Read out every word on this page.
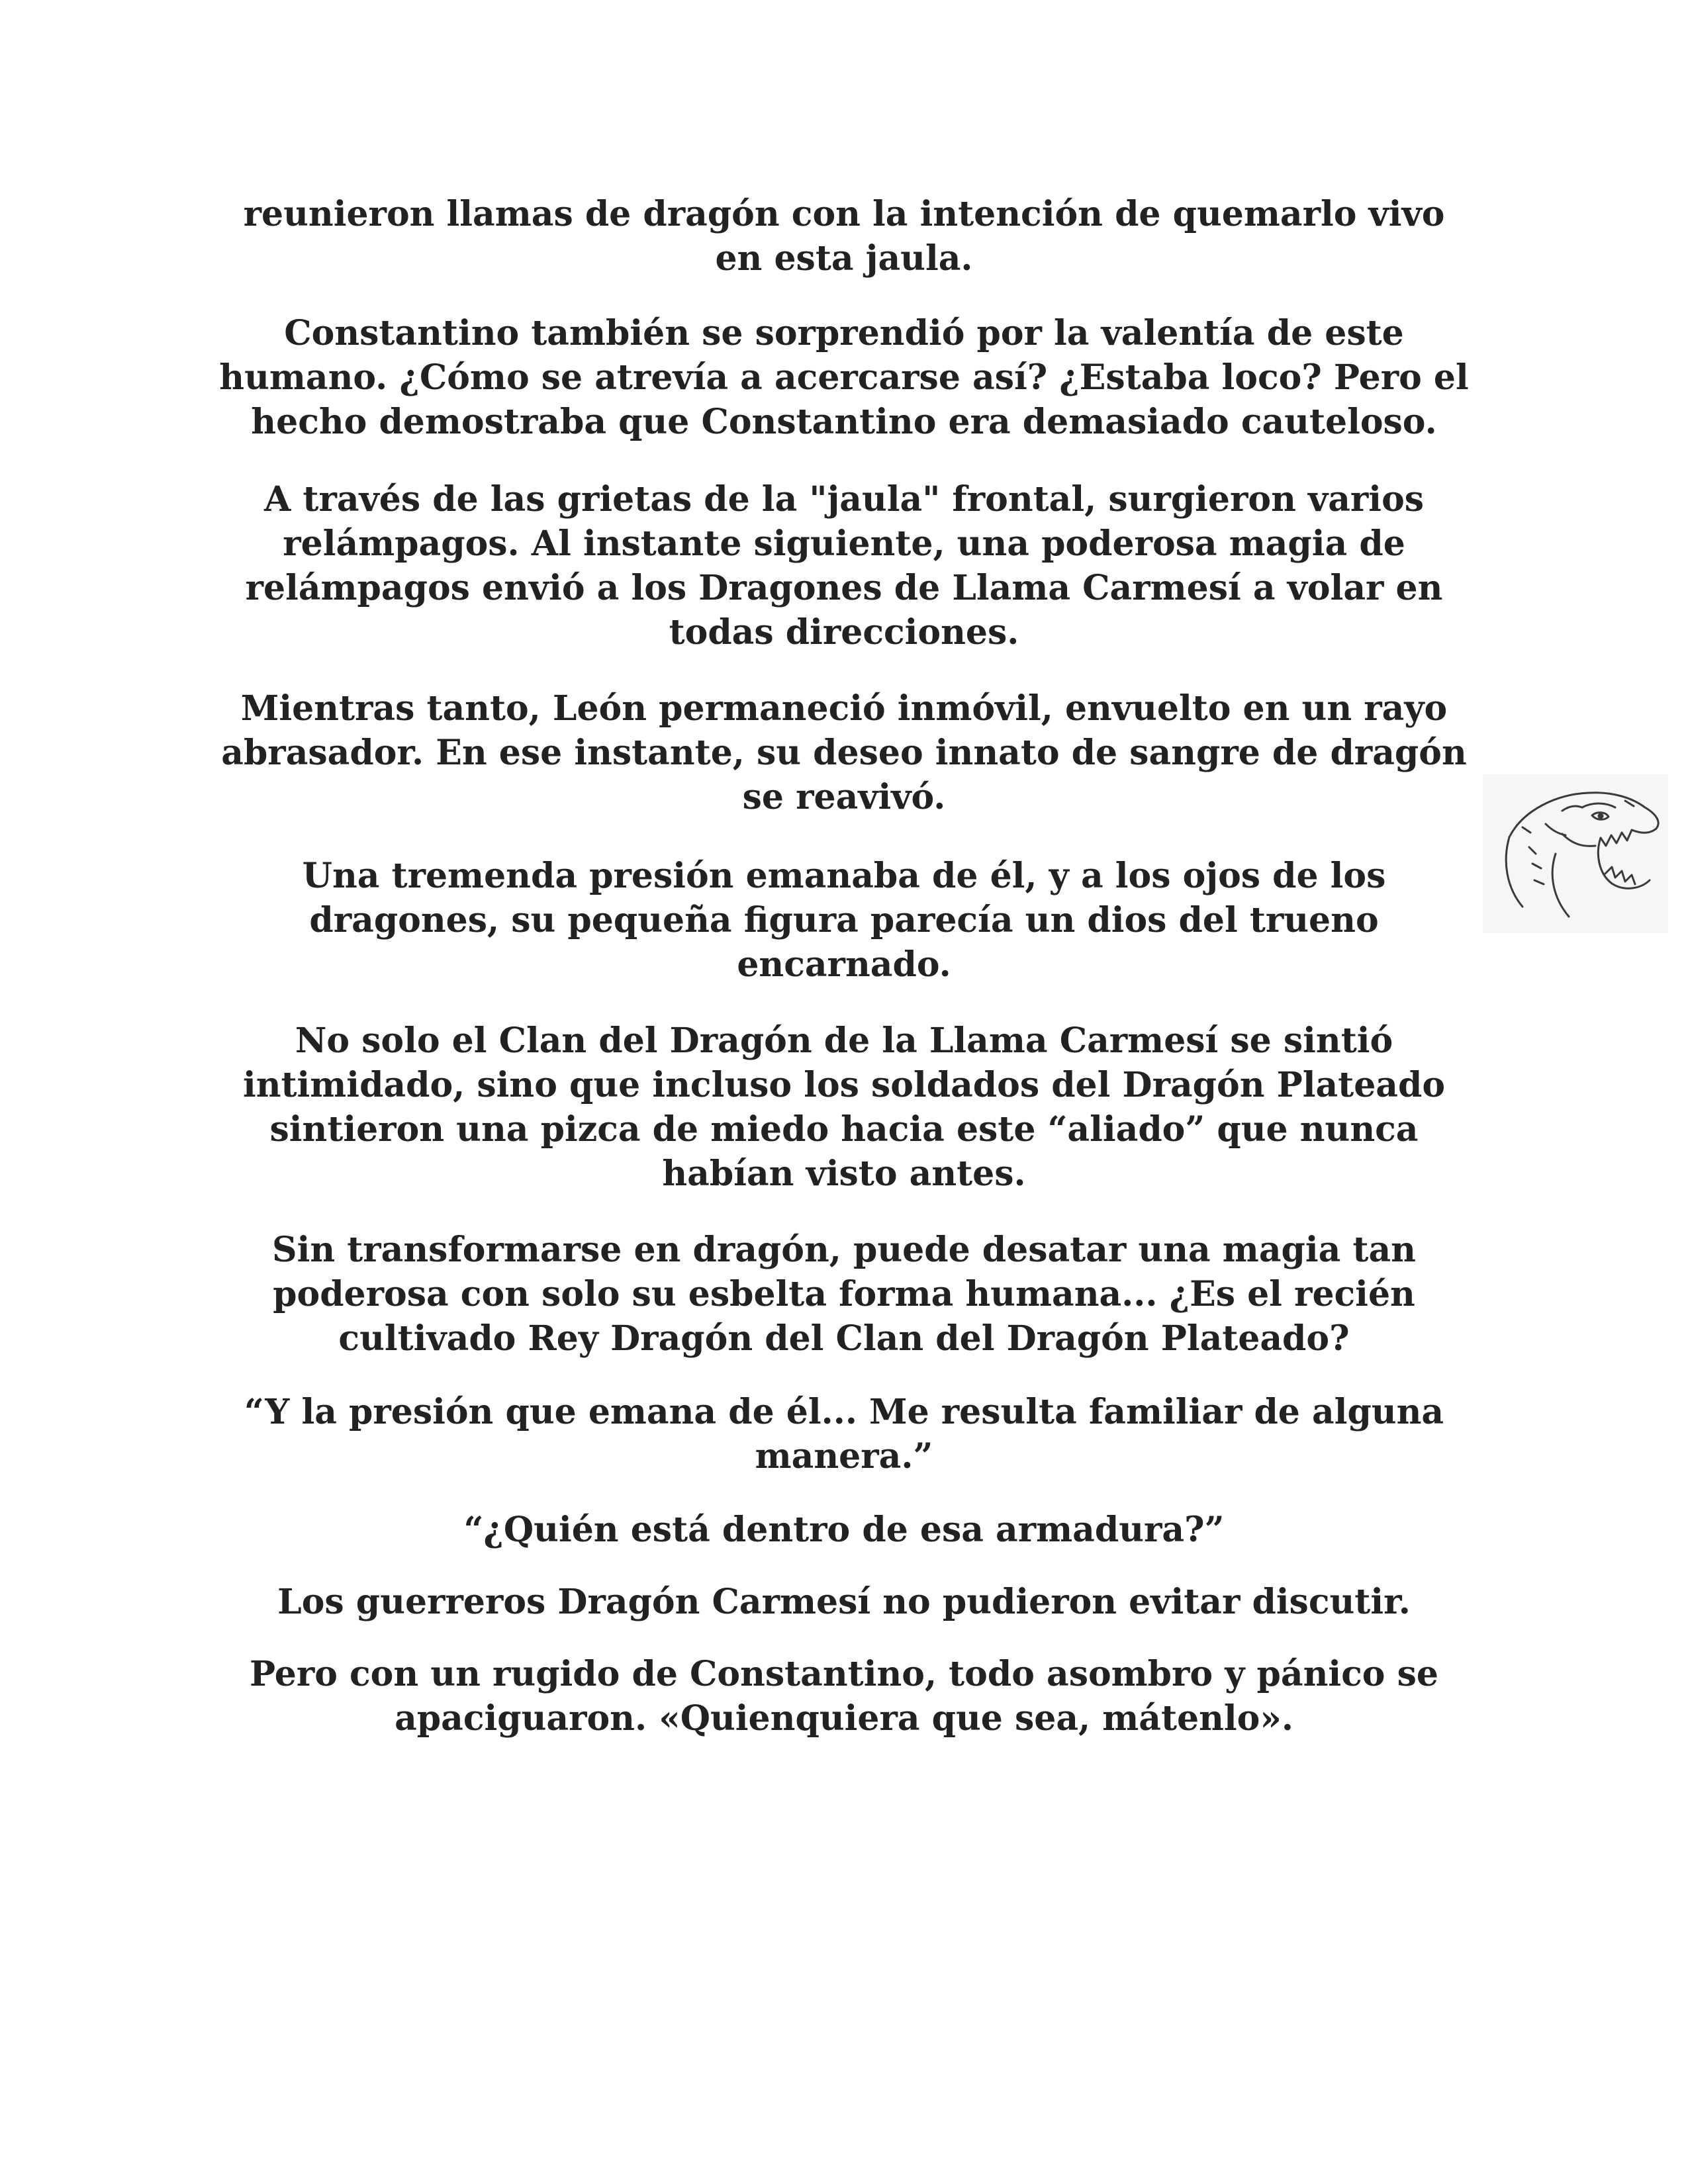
reunieron llamas de dragón con la intención de quemarlo vivo en esta jaula.

Constantino también se sorprendió por la valentía de este humano. ¿Cómo se atrevía a acercarse así? ¿Estaba loco? Pero el hecho demostraba que Constantino era demasiado cauteloso.

A través de las grietas de la "jaula" frontal, surgieron varios relámpagos. Al instante siguiente, una poderosa magia de relámpagos envió a los Dragones de Llama Carmesí a volar en todas direcciones.

Mientras tanto, León permaneció inmóvil, envuelto en un rayo abrasador. En ese instante, su deseo innato de sangre de dragón se reavivó.

Una tremenda presión emanaba de él, y a los ojos de los dragones, su pequeña figura parecía un dios del trueno encarnado.

No solo el Clan del Dragón de la Llama Carmesí se sintió intimidado, sino que incluso los soldados del Dragón Plateado sintieron una pizca de miedo hacia este “aliado” que nunca habían visto antes.

Sin transformarse en dragón, puede desatar una magia tan poderosa con solo su esbelta forma humana... ¿Es el recién cultivado Rey Dragón del Clan del Dragón Plateado?

“Y la presión que emana de él... Me resulta familiar de alguna manera.”

“¿Quién está dentro de esa armadura?”

Los guerreros Dragón Carmesí no pudieron evitar discutir.

Pero con un rugido de Constantino, todo asombro y pánico se apaciguaron. «Quienquiera que sea, mátenlo».
